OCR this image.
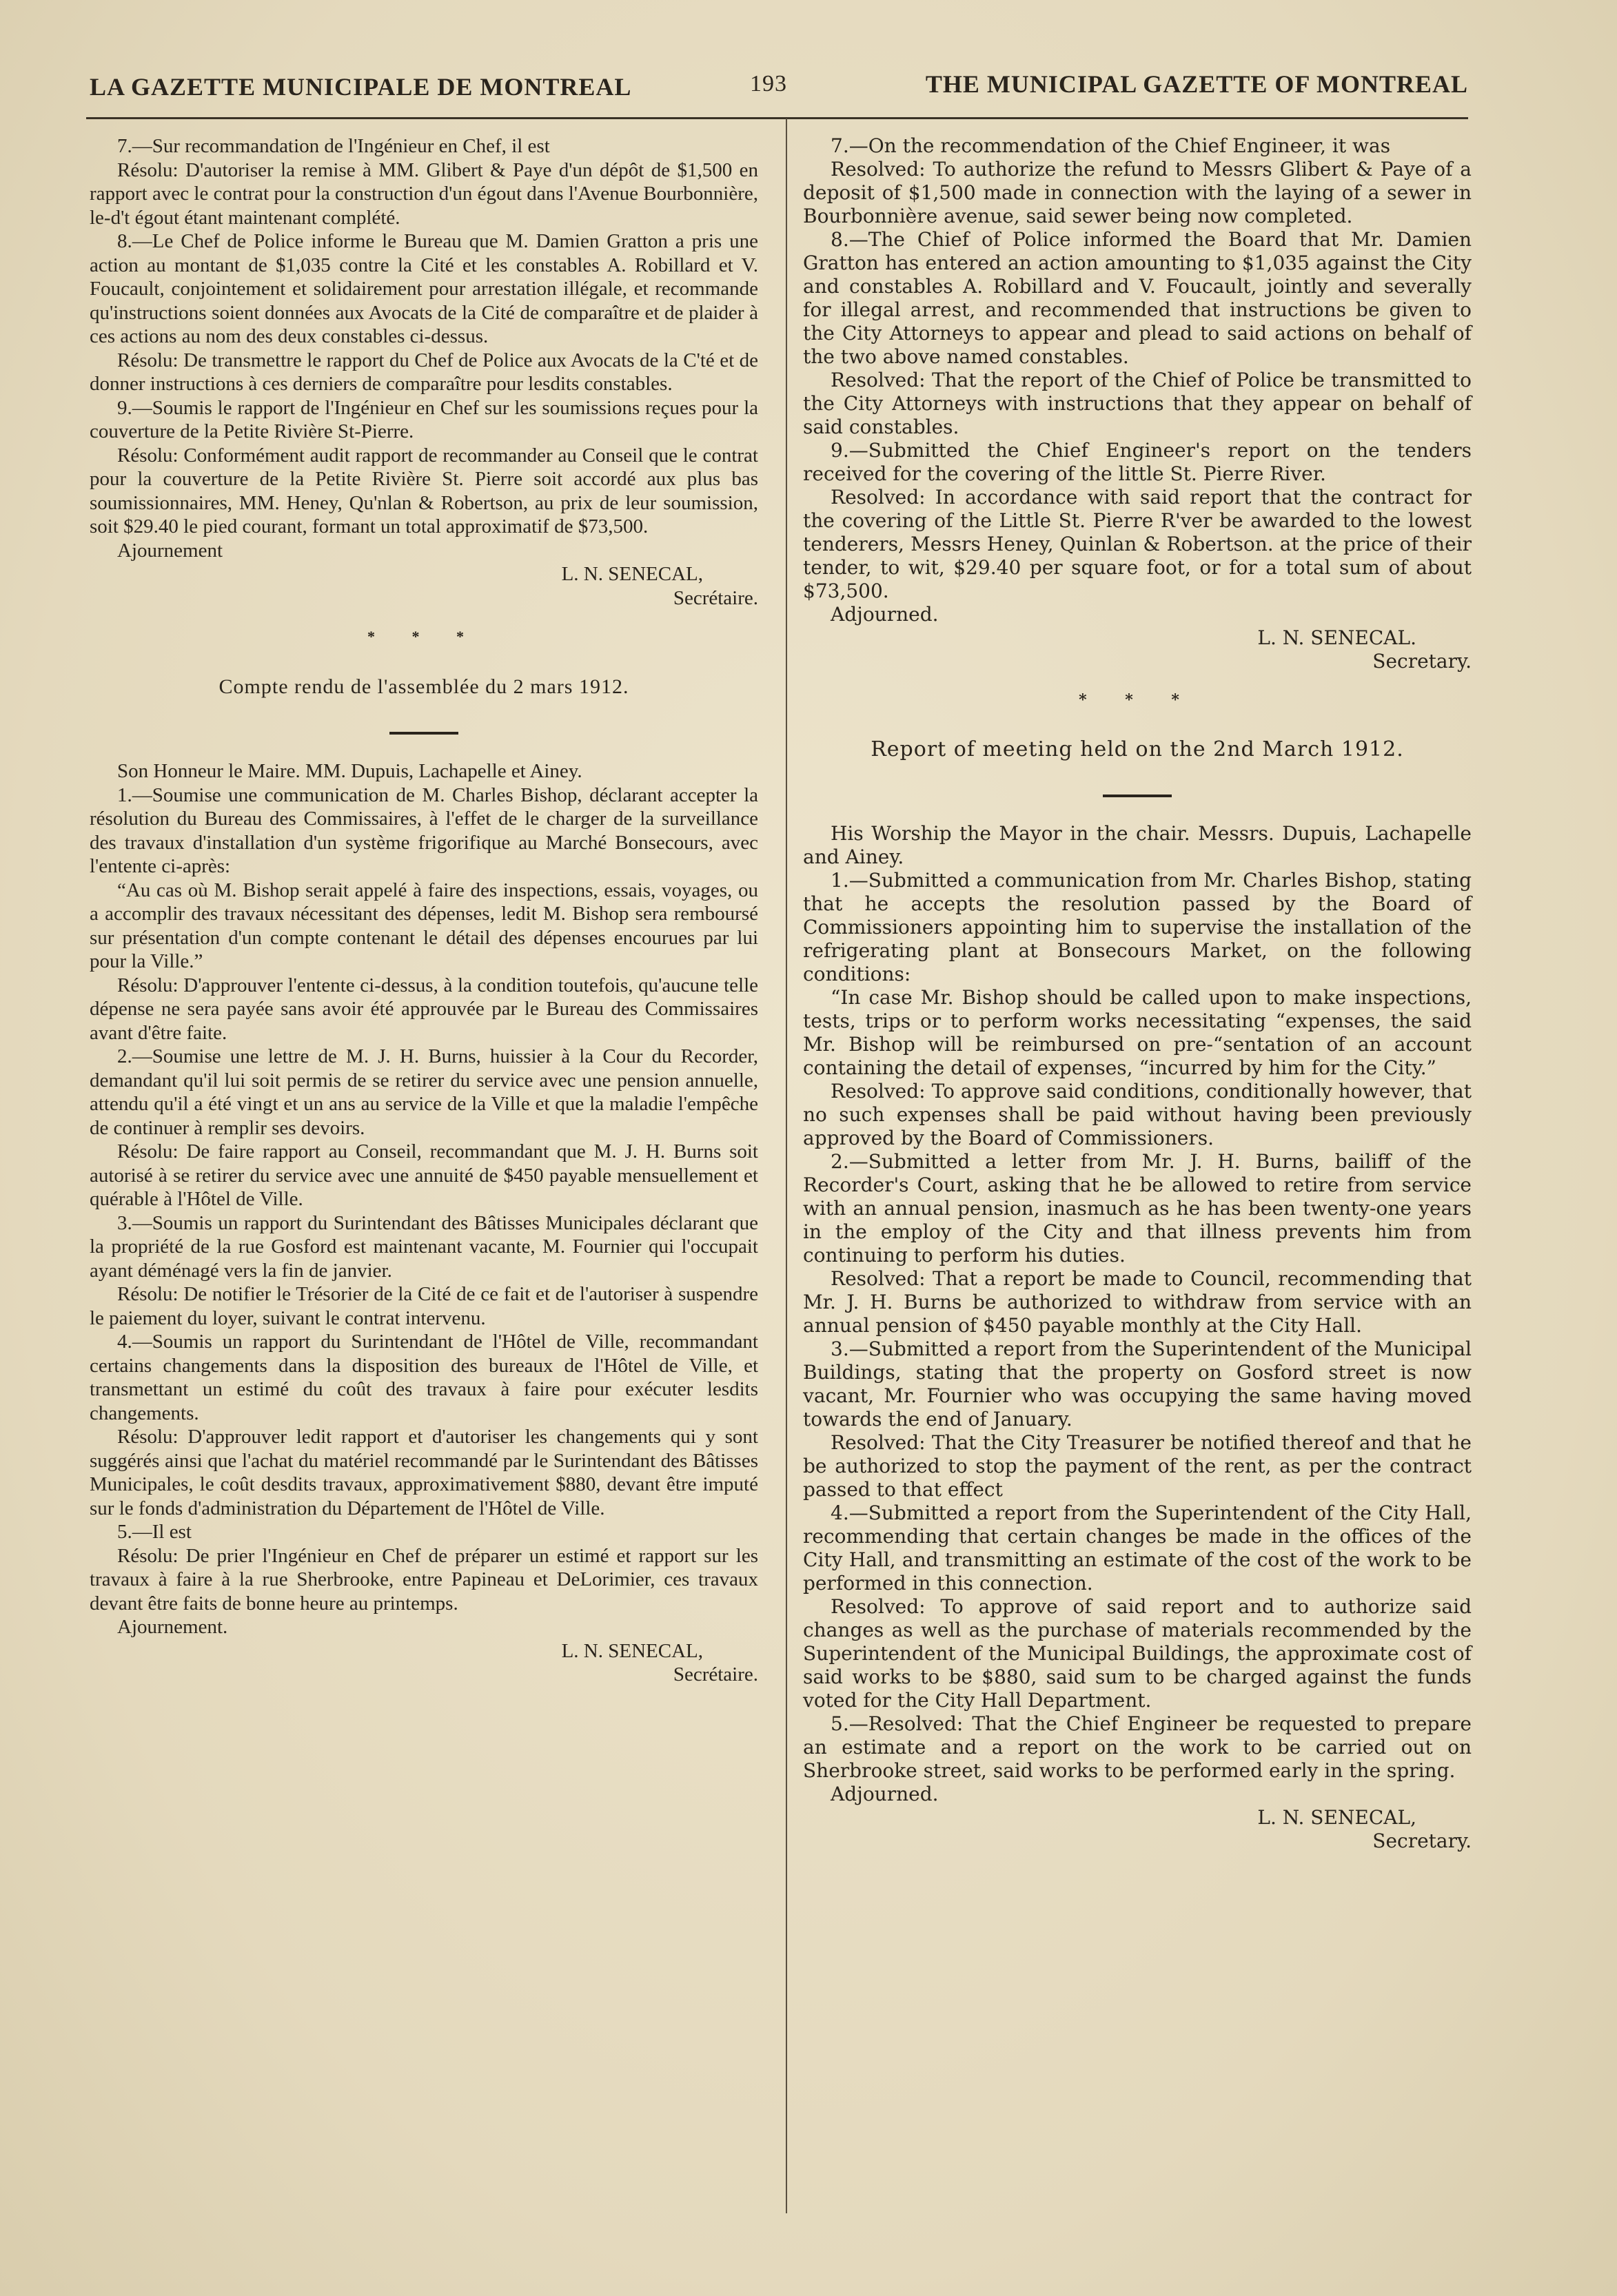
LA GAZETTE MUNICIPALE DE MONTREAL	193	THE MUNICIPAL GAZETTE OF MONTREAL

7.—Sur recommandation de l'Ingénieur en Chef, il est

Résolu: D'autoriser la remise à MM. Glibert & Paye d'un dépôt de $1,500 en rapport avec le contrat pour la construction d'un égout dans l'Avenue Bourbonnière, le-d't égout étant maintenant complété.

8.—Le Chef de Police informe le Bureau que M. Damien Gratton a pris une action au montant de $1,035 contre la Cité et les constables A. Robillard et V. Foucault, conjointement et solidairement pour arrestation illégale, et recommande qu'instructions soient données aux Avocats de la Cité de comparaître et de plaider à ces actions au nom des deux constables ci-dessus.

Résolu: De transmettre le rapport du Chef de Police aux Avocats de la C'té et de donner instructions à ces derniers de comparaître pour lesdits constables.

9.—Soumis le rapport de l'Ingénieur en Chef sur les soumissions reçues pour la couverture de la Petite Rivière St-Pierre.

Résolu: Conformément audit rapport de recommander au Conseil que le contrat pour la couverture de la Petite Rivière St. Pierre soit accordé aux plus bas soumissionnaires, MM. Heney, Qu'nlan & Robertson, au prix de leur soumission, soit $29.40 le pied courant, formant un total approximatif de $73,500.

Ajournement

L. N. SENECAL,

Secrétaire.

* * *
Compte rendu de l'assemblée du 2 mars 1912.

Son Honneur le Maire. MM. Dupuis, Lachapelle et Ainey.

1.—Soumise une communication de M. Charles Bishop, déclarant accepter la résolution du Bureau des Commissaires, à l'effet de le charger de la surveillance des travaux d'installation d'un système frigorifique au Marché Bonsecours, avec l'entente ci-après:

“Au cas où M. Bishop serait appelé à faire des inspections, essais, voyages, ou a accomplir des travaux nécessitant des dépenses, ledit M. Bishop sera remboursé sur présentation d'un compte contenant le détail des dépenses encourues par lui pour la Ville.”

Résolu: D'approuver l'entente ci-dessus, à la condition toutefois, qu'aucune telle dépense ne sera payée sans avoir été approuvée par le Bureau des Commissaires avant d'être faite.

2.—Soumise une lettre de M. J. H. Burns, huissier à la Cour du Recorder, demandant qu'il lui soit permis de se retirer du service avec une pension annuelle, attendu qu'il a été vingt et un ans au service de la Ville et que la maladie l'empêche de continuer à remplir ses devoirs.

Résolu: De faire rapport au Conseil, recommandant que M. J. H. Burns soit autorisé à se retirer du service avec une annuité de $450 payable mensuellement et quérable à l'Hôtel de Ville.

3.—Soumis un rapport du Surintendant des Bâtisses Municipales déclarant que la propriété de la rue Gosford est maintenant vacante, M. Fournier qui l'occupait ayant déménagé vers la fin de janvier.

Résolu: De notifier le Trésorier de la Cité de ce fait et de l'autoriser à suspendre le paiement du loyer, suivant le contrat intervenu.

4.—Soumis un rapport du Surintendant de l'Hôtel de Ville, recommandant certains changements dans la disposition des bureaux de l'Hôtel de Ville, et transmettant un estimé du coût des travaux à faire pour exécuter lesdits changements.

Résolu: D'approuver ledit rapport et d'autoriser les changements qui y sont suggérés ainsi que l'achat du matériel recommandé par le Surintendant des Bâtisses Municipales, le coût desdits travaux, approximativement $880, devant être imputé sur le fonds d'administration du Département de l'Hôtel de Ville.

5.—Il est

Résolu: De prier l'Ingénieur en Chef de préparer un estimé et rapport sur les travaux à faire à la rue Sherbrooke, entre Papineau et DeLorimier, ces travaux devant être faits de bonne heure au printemps.

Ajournement.

L. N. SENECAL,

Secrétaire.

7.—On the recommendation of the Chief Engineer, it was

Resolved: To authorize the refund to Messrs Glibert & Paye of a deposit of $1,500 made in connection with the laying of a sewer in Bourbonnière avenue, said sewer being now completed.

8.—The Chief of Police informed the Board that Mr. Damien Gratton has entered an action amounting to $1,035 against the City and constables A. Robillard and V. Foucault, jointly and severally for illegal arrest, and recommended that instructions be given to the City Attorneys to appear and plead to said actions on behalf of the two above named constables.

Resolved: That the report of the Chief of Police be transmitted to the City Attorneys with instructions that they appear on behalf of said constables.

9.—Submitted the Chief Engineer's report on the tenders received for the covering of the little St. Pierre River.

Resolved: In accordance with said report that the contract for the covering of the Little St. Pierre R'ver be awarded to the lowest tenderers, Messrs Heney, Quinlan & Robertson. at the price of their tender, to wit, $29.40 per square foot, or for a total sum of about $73,500.

Adjourned.

L. N. SENECAL.

Secretary.

* * *
Report of meeting held on the 2nd March 1912.

His Worship the Mayor in the chair. Messrs. Dupuis, Lachapelle and Ainey.

1.—Submitted a communication from Mr. Charles Bishop, stating that he accepts the resolution passed by the Board of Commissioners appointing him to supervise the installation of the refrigerating plant at Bonsecours Market, on the following conditions:

“In case Mr. Bishop should be called upon to make inspections, tests, trips or to perform works necessitating “expenses, the said Mr. Bishop will be reimbursed on pre-“sentation of an account containing the detail of expenses, “incurred by him for the City.”

Resolved: To approve said conditions, conditionally however, that no such expenses shall be paid without having been previously approved by the Board of Commissioners.

2.—Submitted a letter from Mr. J. H. Burns, bailiff of the Recorder's Court, asking that he be allowed to retire from service with an annual pension, inasmuch as he has been twenty-one years in the employ of the City and that illness prevents him from continuing to perform his duties.

Resolved: That a report be made to Council, recommending that Mr. J. H. Burns be authorized to withdraw from service with an annual pension of $450 payable monthly at the City Hall.

3.—Submitted a report from the Superintendent of the Municipal Buildings, stating that the property on Gosford street is now vacant, Mr. Fournier who was occupying the same having moved towards the end of January.

Resolved: That the City Treasurer be notified thereof and that he be authorized to stop the payment of the rent, as per the contract passed to that effect

4.—Submitted a report from the Superintendent of the City Hall, recommending that certain changes be made in the offices of the City Hall, and transmitting an estimate of the cost of the work to be performed in this connection.

Resolved: To approve of said report and to authorize said changes as well as the purchase of materials recommended by the Superintendent of the Municipal Buildings, the approximate cost of said works to be $880, said sum to be charged against the funds voted for the City Hall Department.

5.—Resolved: That the Chief Engineer be requested to prepare an estimate and a report on the work to be carried out on Sherbrooke street, said works to be performed early in the spring.

Adjourned.

L. N. SENECAL,

Secretary.
